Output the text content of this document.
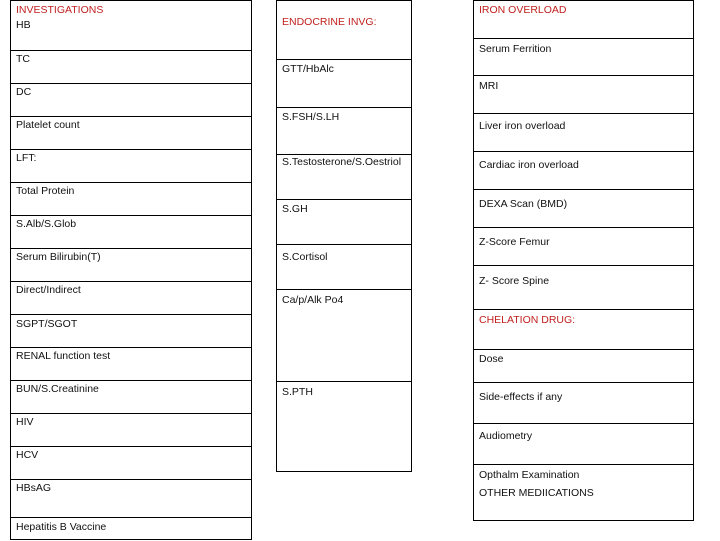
INVESTIGATIONS
HB
TC
DC
Platelet count
LFT:
Total Protein
S.Alb/S.Glob
Serum Bilirubin(T)
Direct/Indirect
SGPT/SGOT
RENAL function test
BUN/S.Creatinine
HIV
HCV
HBsAG
Hepatitis B Vaccine
ENDOCRINE INVG:
GTT/HbAlc
S.FSH/S.LH
S.Testosterone/S.Oestriol
S.GH
S.Cortisol
Ca/p/Alk Po4
S.PTH
IRON OVERLOAD
Serum Ferrition
MRI
Liver iron overload
Cardiac iron overload
DEXA Scan (BMD)
Z-Score Femur
Z- Score Spine
CHELATION DRUG:
Dose
Side-effects if any
Audiometry
Opthalm Examination
OTHER MEDIICATIONS
